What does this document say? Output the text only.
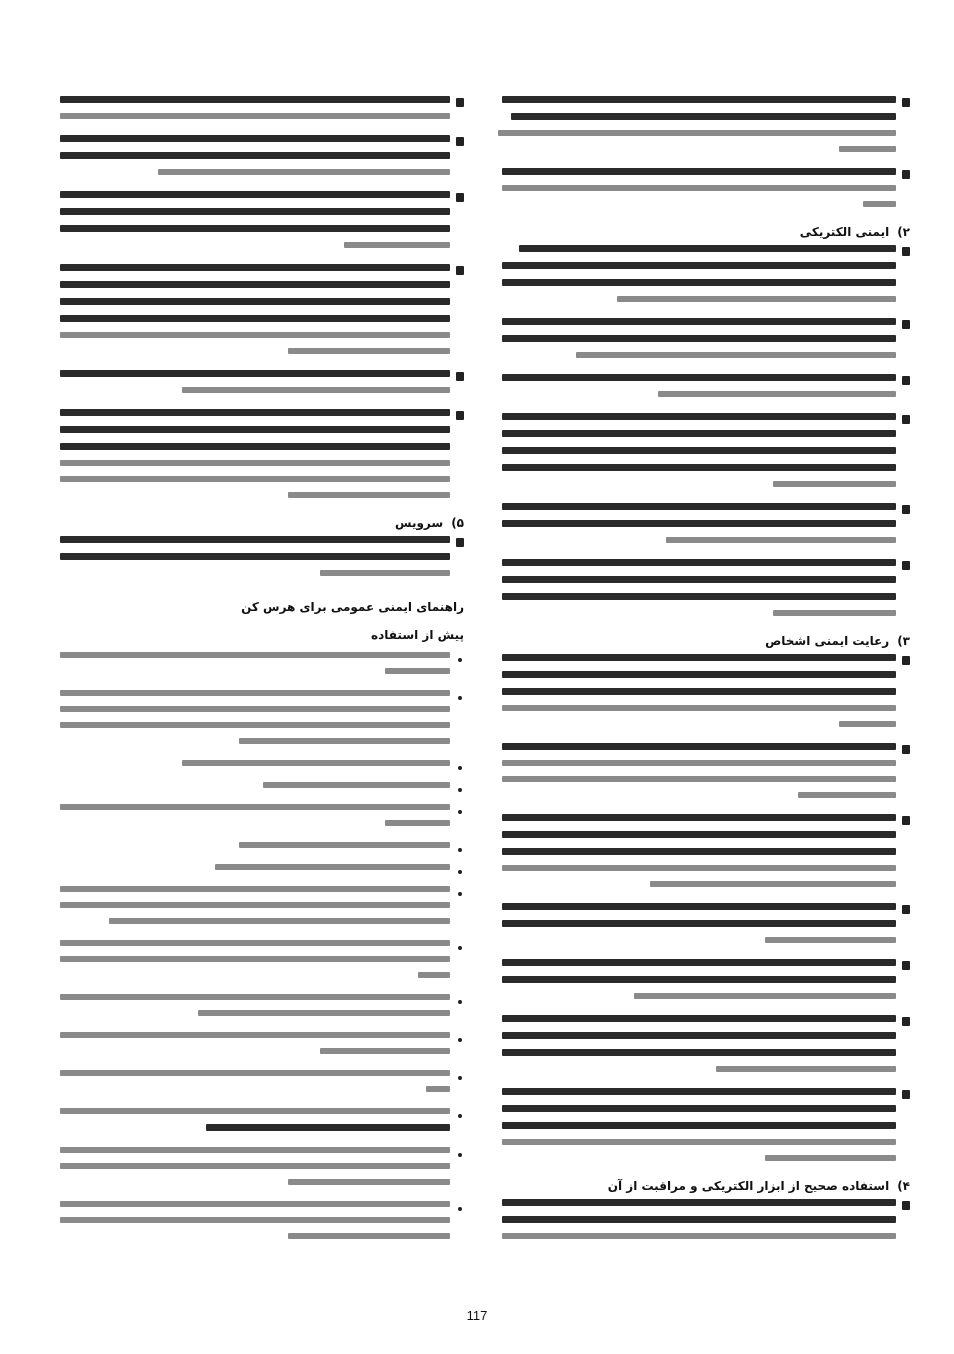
۲)
ایمنی الکتریکی
۳)
رعایت ایمنی اشخاص
۴)
استفاده صحیح از ابزار الکتریکی و مراقبت از آن
۵)
سرویس
راهنمای ایمنی عمومی برای هرس کن
پیش از استفاده
117
